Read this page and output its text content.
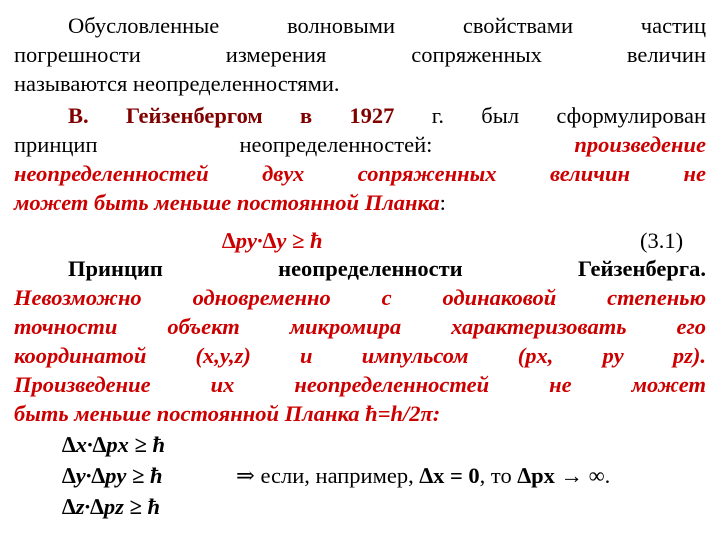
Обусловленные волновыми свойствами частиц
погрешности измерения сопряженных величин
называются неопределенностями.
В. Гейзенбергом в 1927 г. был сформулирован
принцип неопределенностей: произведение
неопределенностей двух сопряженных величин не
может быть меньше постоянной Планка:
∆py·∆y ≥ ħ	(3.1)
Принцип неопределенности Гейзенберга.
Невозможно одновременно с одинаковой степенью
точности объект микромира характеризовать его
координатой (x,y,z) и импульсом (px, py pz).
Произведение их неопределенностей не может
быть меньше постоянной Планка ħ=h/2π:
∆x·∆px ≥ ħ
∆y·∆py ≥ ħ
∆z·∆pz ≥ ħ
⇒ если, например, ∆x = 0, то ∆px → ∞.
